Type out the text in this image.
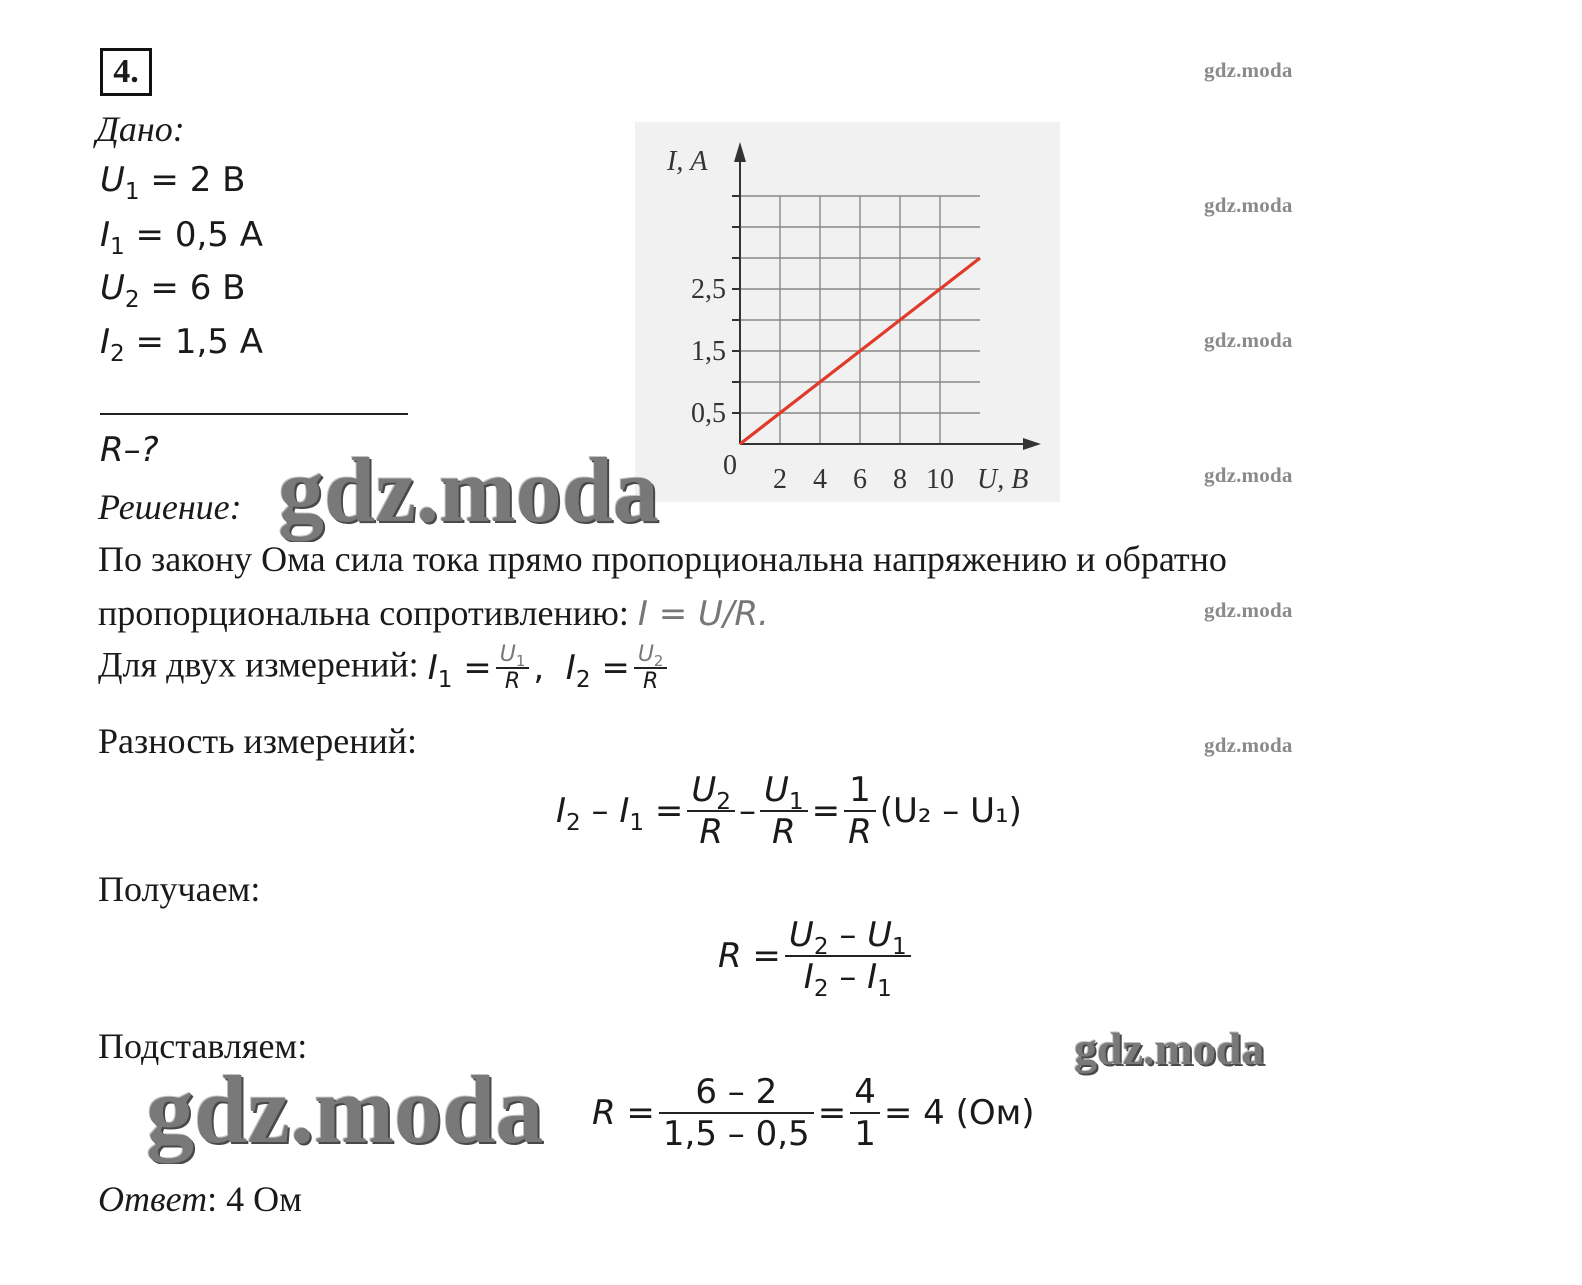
4.
Дано:
$U_1 = 2$ В
$I_1 = 0,5$ А
$U_2 = 6$ В
$I_2 = 1,5$ А
R–?	0 2 4 6 8 10
0,5
1,5
2,5
I, А
U, В
Решение:
По закону Ома сила тока прямо пропорциональна напряжению и обратно
пропорциональна сопротивлению: I = U/R.
Для двух измерений: $I_1 = \frac{U_1}{R}$ ,  $I_2 = \frac{U_2}{R}$
Разность измерений:
$I_2 - I_1 = \frac{U_2}{R} - \frac{U_1}{R} = \frac{1}{R} (U_2 - U_1)$
Получаем:
$R = \frac{U_2 - U_1}{I_2 - I_1}$
Подставляем:
$R = \frac{6 - 2}{1,5 - 0,5} = \frac{4}{1} = 4$ (Ом)
Ответ: 4 Ом
gdz.moda
gdz.moda
gdz.moda
gdz.moda
gdz.moda
gdz.moda
gdz.moda
gdz.moda
gdz.moda
